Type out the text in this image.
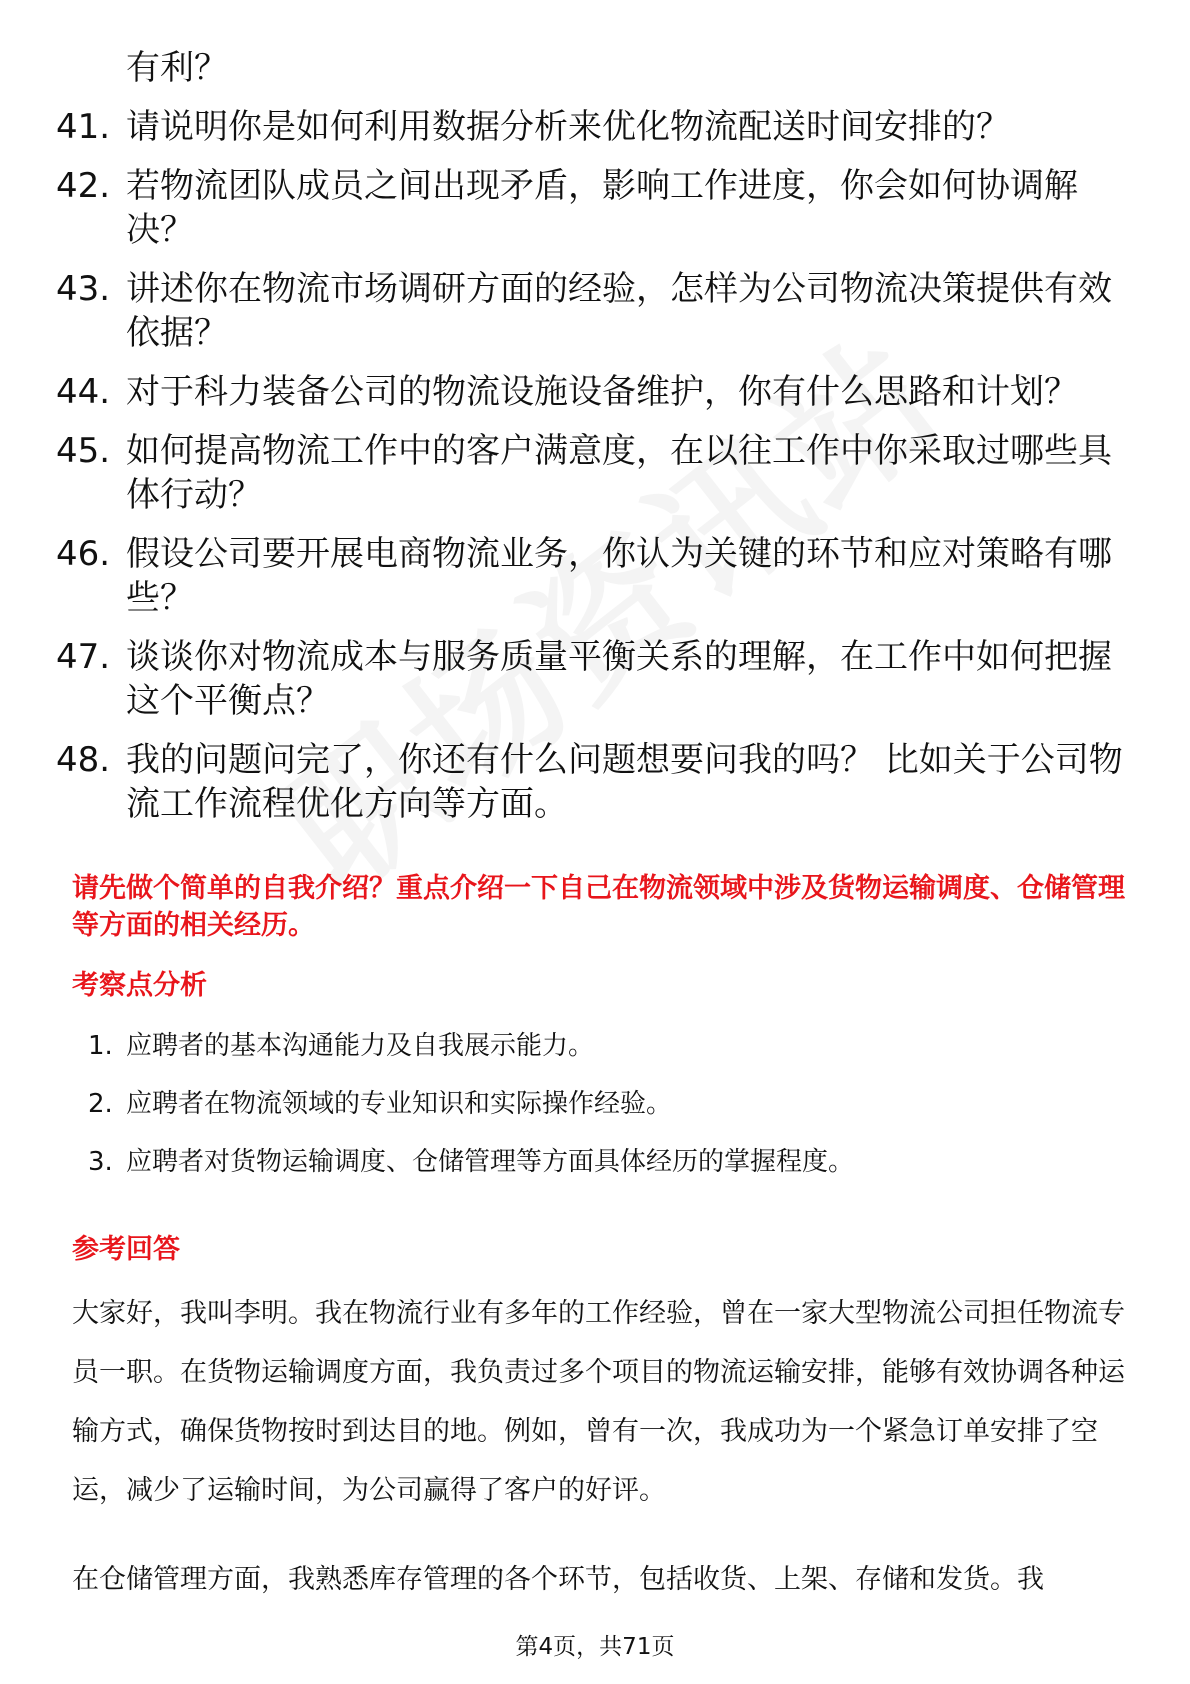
有利？
41. 请说明你是如何利用数据分析来优化物流配送时间安排的？
42. 若物流团队成员之间出现矛盾，影响工作进度，你会如何协调解决？
43. 讲述你在物流市场调研方面的经验，怎样为公司物流决策提供有效依据？
44. 对于科力装备公司的物流设施设备维护，你有什么思路和计划？
45. 如何提高物流工作中的客户满意度，在以往工作中你采取过哪些具体行动？
46. 假设公司要开展电商物流业务，你认为关键的环节和应对策略有哪些？
47. 谈谈你对物流成本与服务质量平衡关系的理解，在工作中如何把握这个平衡点？
48. 我的问题问完了，你还有什么问题想要问我的吗？ 比如关于公司物流工作流程优化方向等方面。
请先做个简单的自我介绍？重点介绍一下自己在物流领域中涉及货物运输调度、仓储管理等方面的相关经历。
考察点分析
1. 应聘者的基本沟通能力及自我展示能力。
2. 应聘者在物流领域的专业知识和实际操作经验。
3. 应聘者对货物运输调度、仓储管理等方面具体经历的掌握程度。
参考回答
大家好，我叫李明。我在物流行业有多年的工作经验，曾在一家大型物流公司担任物流专员一职。在货物运输调度方面，我负责过多个项目的物流运输安排，能够有效协调各种运输方式，确保货物按时到达目的地。例如，曾有一次，我成功为一个紧急订单安排了空运，减少了运输时间，为公司赢得了客户的好评。
在仓储管理方面，我熟悉库存管理的各个环节，包括收货、上架、存储和发货。我
第4页，共71页
